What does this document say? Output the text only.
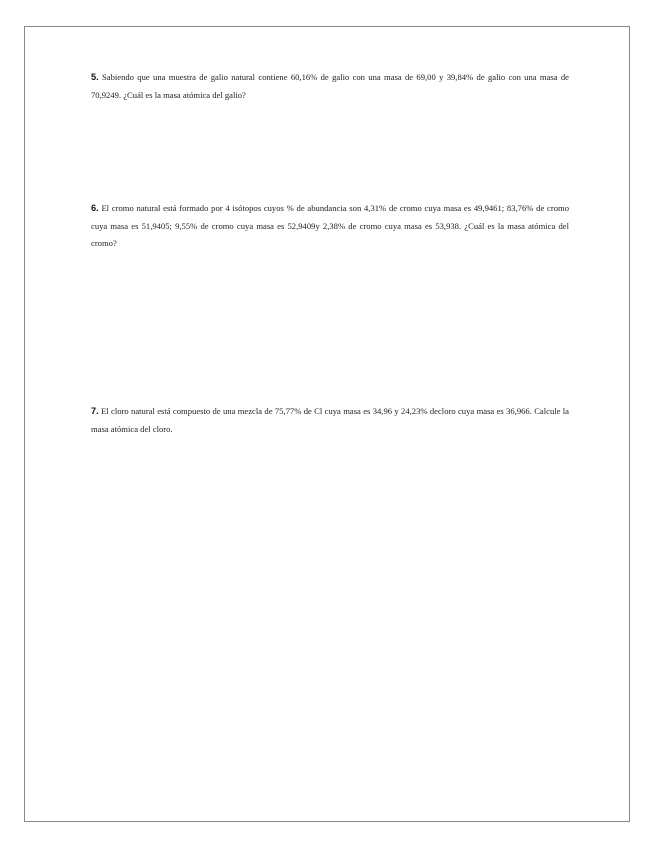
5. Sabiendo que una muestra de galio natural contiene 60,16% de galio con una masa de 69,00 y 39,84% de galio con una masa de 70,9249. ¿Cuál es la masa atómica del galio?

6. El cromo natural está formado por 4 isótopos cuyos % de abundancia son 4,31% de cromo cuya masa es 49,9461; 83,76% de cromo cuya masa es 51,9405; 9,55% de cromo cuya masa es 52,9409y 2,38% de cromo cuya masa es 53,938. ¿Cuál es la masa atómica del cromo?

7. El cloro natural está compuesto de una mezcla de 75,77% de Cl cuya masa es 34,96 y 24,23% decloro cuya masa es 36,966. Calcule la masa atómica del cloro.
